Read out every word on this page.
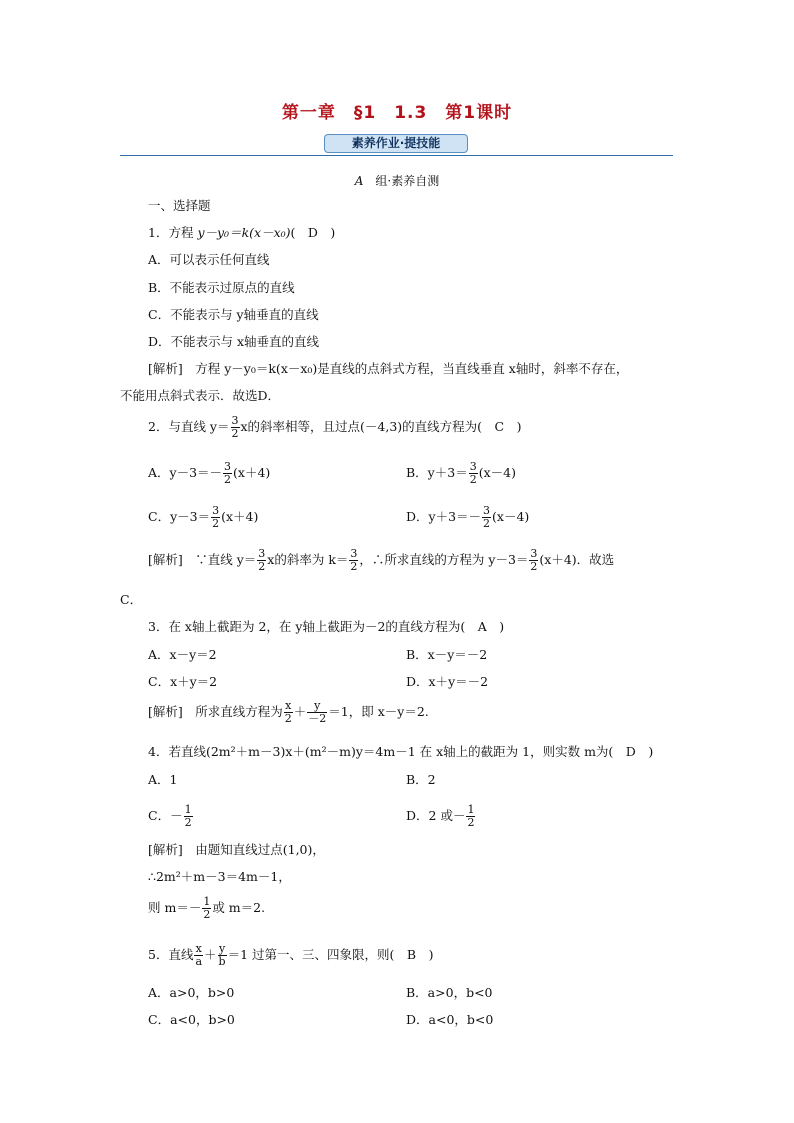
第一章　§1　1.3　第1课时
素养作业·提技能
A　 组·素养自测
一、选择题
1．方程 y－y₀＝k(x－x₀)(　D　)
A．可以表示任何直线
B．不能表示过原点的直线
C．不能表示与 y轴垂直的直线
D．不能表示与 x轴垂直的直线
[解析]　方程 y－y₀＝k(x－x₀)是直线的点斜式方程，当直线垂直 x轴时，斜率不存在，
不能用点斜式表示．故选D．
2．与直线 $y= \frac{3}{2}$ x的斜率相等，且过点(－4,3)的直线方程为(　C　)
A．$y-3=- \frac{3}{2} (x+4)$	B．$y+3= \frac{3}{2} (x-4)$
C．$y-3= \frac{3}{2} (x+4)$	D．$y+3=- \frac{3}{2} (x-4)$
[解析]　∵直线 $y= \frac{3}{2}$ x的斜率为 $k= \frac{3}{2}$ ，∴所求直线的方程为 $y-3= \frac{3}{2} (x+4)$．故选
C．
3．在 x轴上截距为 2，在 y轴上截距为－2的直线方程为(　A　)
A．x－y＝2	B．x－y＝－2
C．x＋y＝2	D．x＋y＝－2
[解析]　所求直线方程为 $\frac{x}{2} + \frac{y}{-2} =1$，即 x－y＝2.
4．若直线(2m²＋m－3)x＋(m²－m)y＝4m－1 在 x轴上的截距为 1，则实数 m为(　D　)
A．1	B．2
C．－ $\frac{1}{2}$	D．2 或－ $\frac{1}{2}$
[解析]　由题知直线过点(1,0)，
∴2m²＋m－3＝4m－1，
则 $m=- \frac{1}{2}$ 或 m＝2.
5．直线 $\frac{x}{a} + \frac{y}{b} =1$ 过第一、三、四象限，则(　B　)
A．a>0，b>0	B．a>0，b<0
C．a<0，b>0	D．a<0，b<0
